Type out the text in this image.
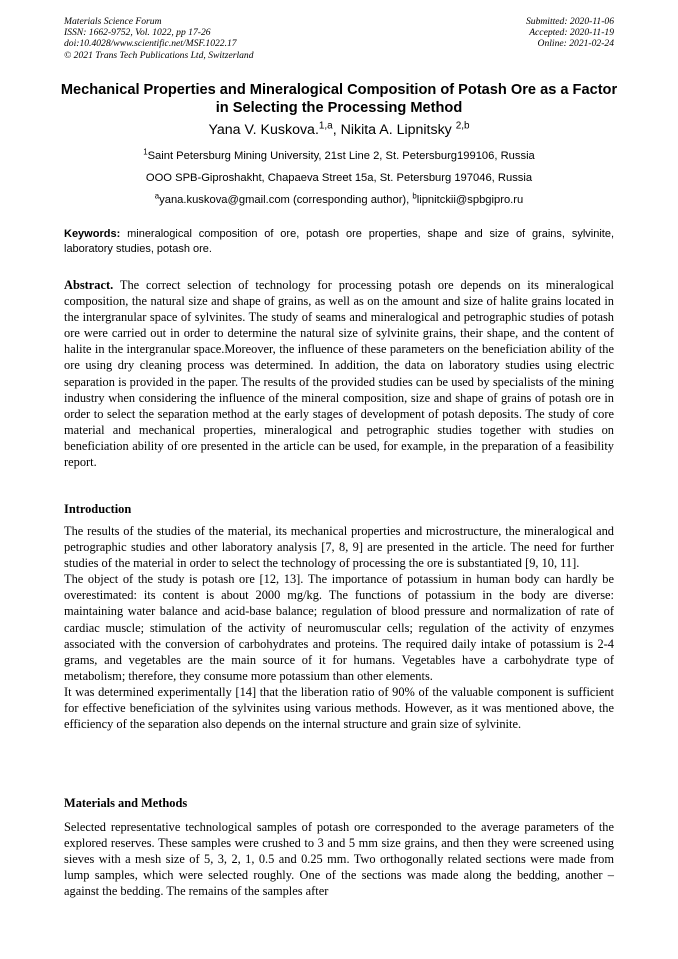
Materials Science Forum
ISSN: 1662-9752, Vol. 1022, pp 17-26
doi:10.4028/www.scientific.net/MSF.1022.17
© 2021 Trans Tech Publications Ltd, Switzerland
Submitted: 2020-11-06
Accepted: 2020-11-19
Online: 2021-02-24
Mechanical Properties and Mineralogical Composition of Potash Ore as a Factor in Selecting the Processing Method
Yana V. Kuskova.$^{1,a}$, Nikita A. Lipnitsky $^{2,b}$
$^1$Saint Petersburg Mining University, 21st Line 2, St. Petersburg199106, Russia
OOO SPB-Giproshakht, Chapaeva Street 15a, St. Petersburg 197046, Russia
$^a$yana.kuskova@gmail.com (corresponding author), $^b$lipnitckii@spbgipro.ru

Keywords: mineralogical composition of ore, potash ore properties, shape and size of grains, sylvinite, laboratory studies, potash ore.

Abstract. The correct selection of technology for processing potash ore depends on its mineralogical composition, the natural size and shape of grains, as well as on the amount and size of halite grains located in the intergranular space of sylvinites. The study of seams and mineralogical and petrographic studies of potash ore were carried out in order to determine the natural size of sylvinite grains, their shape, and the content of halite in the intergranular space.Moreover, the influence of these parameters on the beneficiation ability of the ore using dry cleaning process was determined. In addition, the data on laboratory studies using electric separation is provided in the paper. The results of the provided studies can be used by specialists of the mining industry when considering the influence of the mineral composition, size and shape of grains of potash ore in order to select the separation method at the early stages of development of potash deposits. The study of core material and mechanical properties, mineralogical and petrographic studies together with studies on beneficiation ability of ore presented in the article can be used, for example, in the preparation of a feasibility report.

Introduction

The results of the studies of the material, its mechanical properties and microstructure, the mineralogical and petrographic studies and other laboratory analysis [7, 8, 9] are presented in the article. The need for further studies of the material in order to select the technology of processing the ore is substantiated [9, 10, 11].

The object of the study is potash ore [12, 13]. The importance of potassium in human body can hardly be overestimated: its content is about 2000 mg/kg. The functions of potassium in the body are diverse: maintaining water balance and acid-base balance; regulation of blood pressure and normalization of rate of cardiac muscle; stimulation of the activity of neuromuscular cells; regulation of the activity of enzymes associated with the conversion of carbohydrates and proteins. The required daily intake of potassium is 2-4 grams, and vegetables are the main source of it for humans. Vegetables have a carbohydrate type of metabolism; therefore, they consume more potassium than other elements.

It was determined experimentally [14] that the liberation ratio of 90% of the valuable component is sufficient for effective beneficiation of the sylvinites using various methods. However, as it was mentioned above, the efficiency of the separation also depends on the internal structure and grain size of sylvinite.

Materials and Methods

Selected representative technological samples of potash ore corresponded to the average parameters of the explored reserves. These samples were crushed to 3 and 5 mm size grains, and then they were screened using sieves with a mesh size of 5, 3, 2, 1, 0.5 and 0.25 mm. Two orthogonally related sections were made from lump samples, which were selected roughly. One of the sections was made along the bedding, another – against the bedding. The remains of the samples after
